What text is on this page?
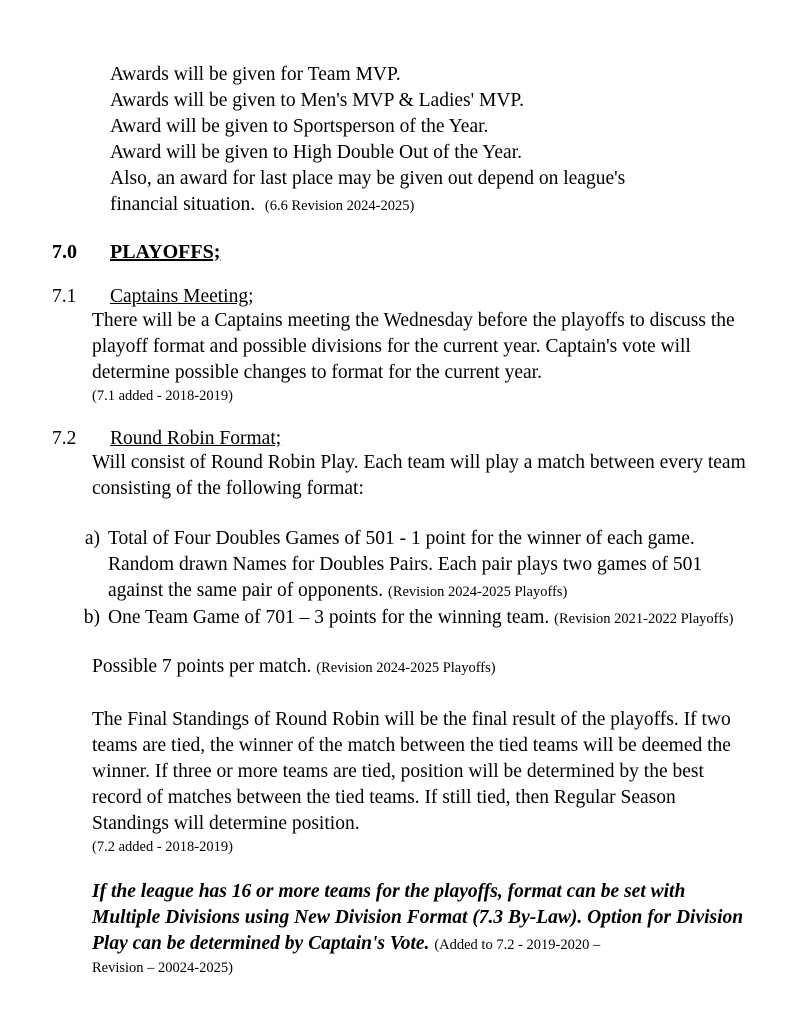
Awards will be given for Team MVP.
Awards will be given to Men's MVP & Ladies' MVP.
Award will be given to Sportsperson of the Year.
Award will be given to High Double Out of the Year.
Also, an award for last place may be given out depend on league's
financial situation. (6.6 Revision 2024-2025)
7.0	PLAYOFFS;
7.1	Captains Meeting;
There will be a Captains meeting the Wednesday before the playoffs to discuss the playoff format and possible divisions for the current year. Captain's vote will determine possible changes to format for the current year.
(7.1 added - 2018-2019)
7.2	Round Robin Format;
Will consist of Round Robin Play. Each team will play a match between every team consisting of the following format:
a) Total of Four Doubles Games of 501 - 1 point for the winner of each game. Random drawn Names for Doubles Pairs. Each pair plays two games of 501 against the same pair of opponents. (Revision 2024-2025 Playoffs)
b) One Team Game of 701 – 3 points for the winning team. (Revision 2021-2022 Playoffs)
Possible 7 points per match. (Revision 2024-2025 Playoffs)
The Final Standings of Round Robin will be the final result of the playoffs. If two teams are tied, the winner of the match between the tied teams will be deemed the winner. If three or more teams are tied, position will be determined by the best record of matches between the tied teams. If still tied, then Regular Season Standings will determine position.
(7.2 added - 2018-2019)
If the league has 16 or more teams for the playoffs, format can be set with Multiple Divisions using New Division Format (7.3 By-Law). Option for Division Play can be determined by Captain's Vote. (Added to 7.2 - 2019-2020 –
Revision – 20024-2025)
